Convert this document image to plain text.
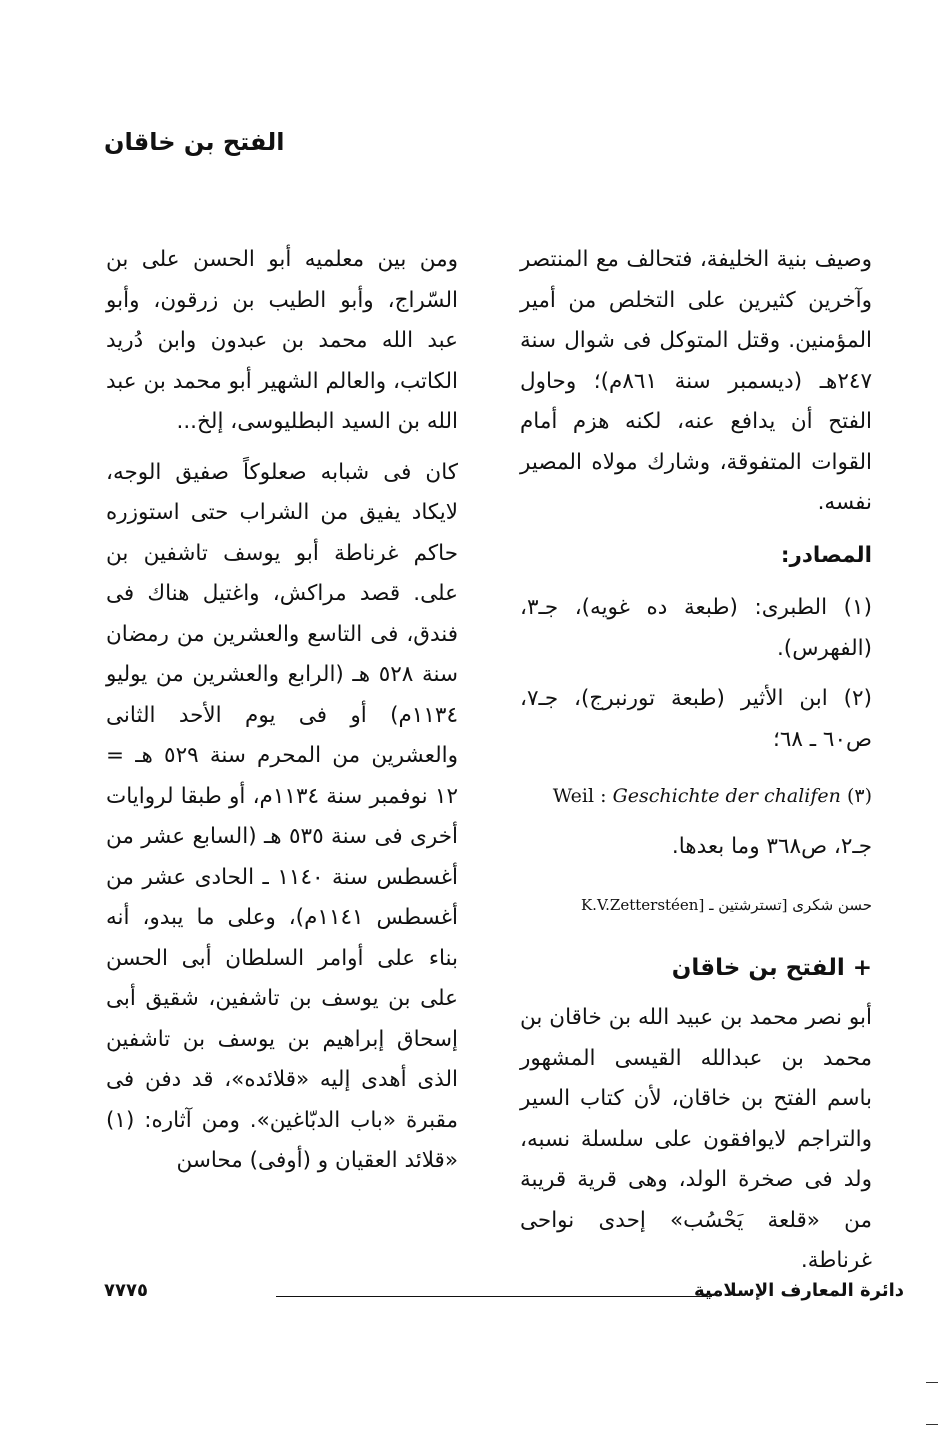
الفتح بن خاقان

وصيف بنية الخليفة، فتحالف مع المنتصر وآخرين كثيرين على التخلص من أمير المؤمنين. وقتل المتوكل فى شوال سنة ٢٤٧هـ (ديسمبر سنة ٨٦١م)؛ وحاول الفتح أن يدافع عنه، لكنه هزم أمام القوات المتفوقة، وشارك مولاه المصير نفسه.

المصادر:

(١) الطبرى: (طبعة ده غويه)، جـ٣، (الفهرس).

(٢) ابن الأثير (طبعة تورنبرج)، جـ٧، ص٦٠ ـ ٦٨؛

Weil : Geschichte der chalifen (٣)

جـ٢، ص٣٦٨ وما بعدها.

K.V.Zetterstéen] حسن شكرى [تسترشتين ـ

+ الفتح بن خاقان

أبو نصر محمد بن عبيد الله بن خاقان بن محمد بن عبدالله القيسى المشهور باسم الفتح بن خاقان، لأن كتاب السير والتراجم لايوافقون على سلسلة نسبه، ولد فى صخرة الولد، وهى قرية قريبة من «قلعة يَحْسُب» إحدى نواحى غرناطة.

ومن بين معلميه أبو الحسن على بن السّراج، وأبو الطيب بن زرقون، وأبو عبد الله محمد بن عبدون وابن دُريد الكاتب، والعالم الشهير أبو محمد بن عبد الله بن السيد البطليوسى، إلخ...

كان فى شبابه صعلوكاً صفيق الوجه، لايكاد يفيق من الشراب حتى استوزره حاكم غرناطة أبو يوسف تاشفين بن على. قصد مراكش، واغتيل هناك فى فندق، فى التاسع والعشرين من رمضان سنة ٥٢٨ هـ (الرابع والعشرين من يوليو ١١٣٤م) أو فى يوم الأحد الثانى والعشرين من المحرم سنة ٥٢٩ هـ = ١٢ نوفمبر سنة ١١٣٤م، أو طبقا لروايات أخرى فى سنة ٥٣٥ هـ (السابع عشر من أغسطس سنة ١١٤٠ ـ الحادى عشر من أغسطس ١١٤١م)، وعلى ما يبدو، أنه بناء على أوامر السلطان أبى الحسن على بن يوسف بن تاشفين، شقيق أبى إسحاق إبراهيم بن يوسف بن تاشفين الذى أهدى إليه «قلائده»، قد دفن فى مقبرة «باب الدبّاغين». ومن آثاره: (١) «قلائد العقيان و (أوفى) محاسن

دائرة المعارف الإسلامية
٧٧٧٥
